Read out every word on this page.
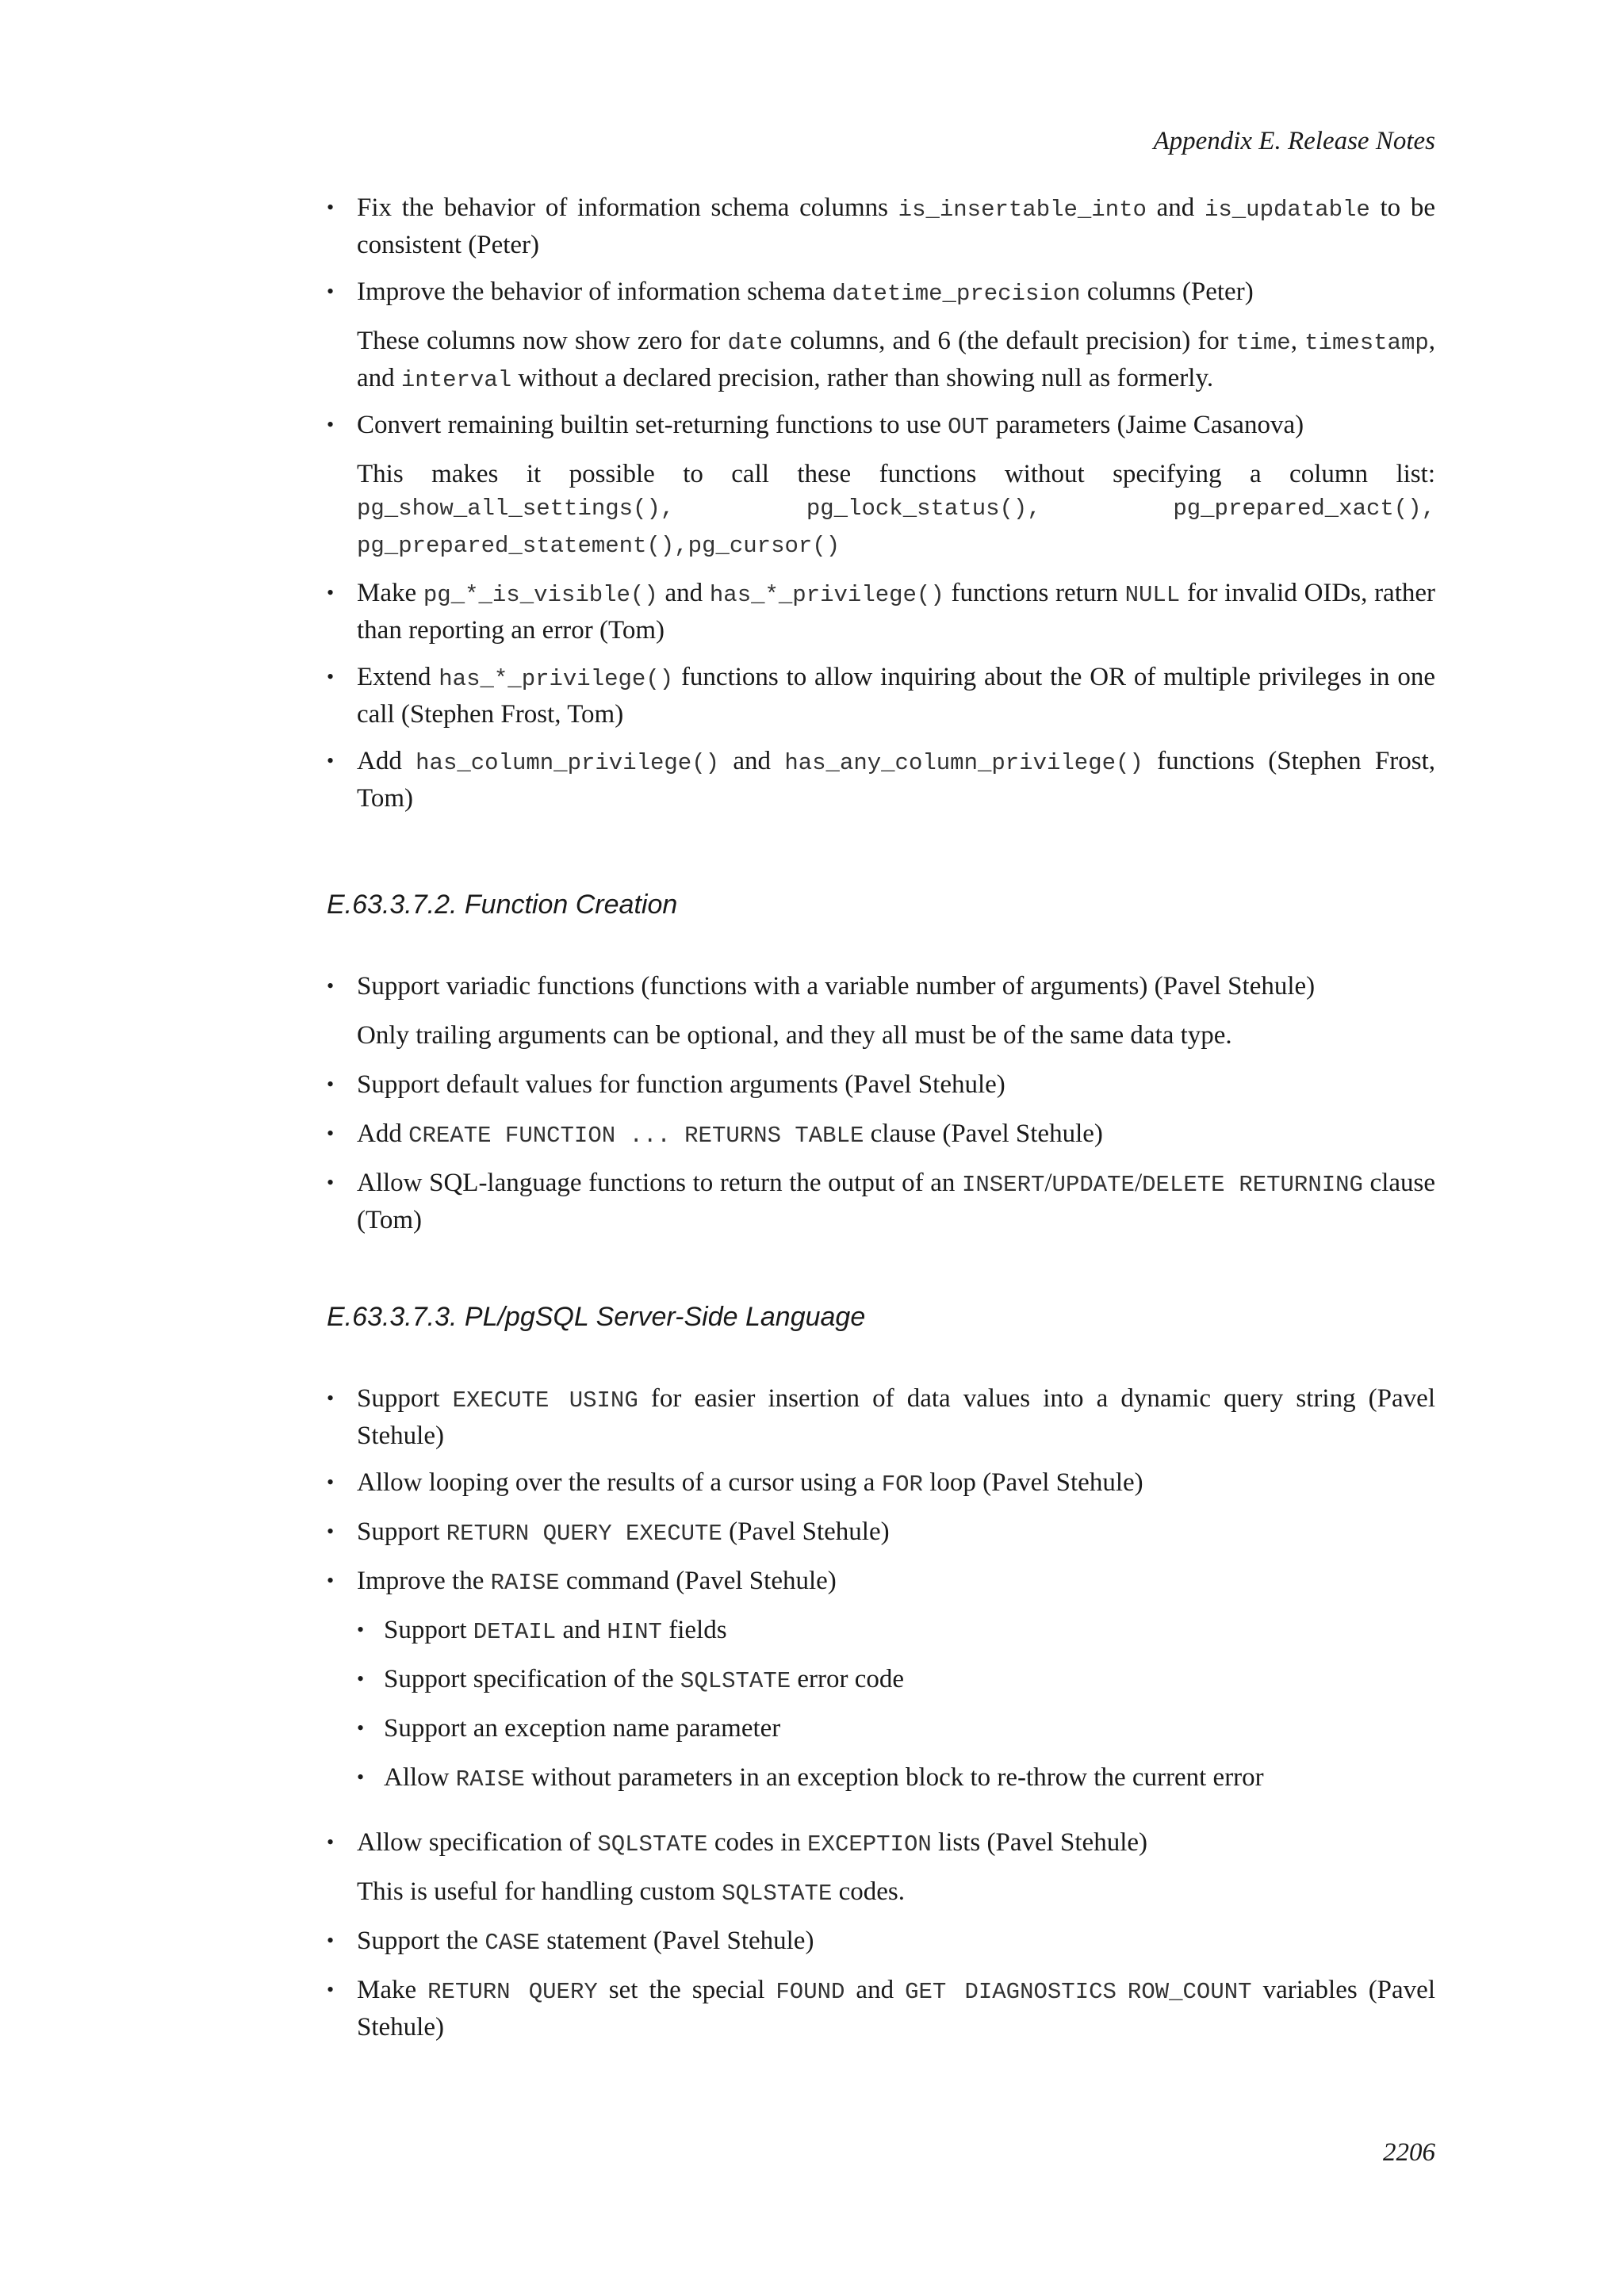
Appendix E. Release Notes
• Fix the behavior of information schema columns is_insertable_into and is_updatable to be consistent (Peter)
• Improve the behavior of information schema datetime_precision columns (Peter)
These columns now show zero for date columns, and 6 (the default precision) for time, timestamp, and interval without a declared precision, rather than showing null as formerly.
• Convert remaining builtin set-returning functions to use OUT parameters (Jaime Casanova)
This makes it possible to call these functions without specifying a column list:
pg_show_all_settings(),	pg_lock_status(),	pg_prepared_xact(),
pg_prepared_statement(),pg_cursor()
• Make pg_*_is_visible() and has_*_privilege() functions return NULL for invalid OIDs, rather than reporting an error (Tom)
• Extend has_*_privilege() functions to allow inquiring about the OR of multiple privileges in one call (Stephen Frost, Tom)
• Add has_column_privilege() and has_any_column_privilege() functions (Stephen Frost, Tom)
E.63.3.7.2. Function Creation
• Support variadic functions (functions with a variable number of arguments) (Pavel Stehule)
Only trailing arguments can be optional, and they all must be of the same data type.
• Support default values for function arguments (Pavel Stehule)
• Add CREATE FUNCTION ... RETURNS TABLE clause (Pavel Stehule)
• Allow SQL-language functions to return the output of an INSERT/UPDATE/DELETE RETURNING clause (Tom)
E.63.3.7.3. PL/pgSQL Server-Side Language
• Support EXECUTE USING for easier insertion of data values into a dynamic query string (Pavel Stehule)
• Allow looping over the results of a cursor using a FOR loop (Pavel Stehule)
• Support RETURN QUERY EXECUTE (Pavel Stehule)
• Improve the RAISE command (Pavel Stehule)
• Support DETAIL and HINT fields
• Support specification of the SQLSTATE error code
• Support an exception name parameter
• Allow RAISE without parameters in an exception block to re-throw the current error
• Allow specification of SQLSTATE codes in EXCEPTION lists (Pavel Stehule)
This is useful for handling custom SQLSTATE codes.
• Support the CASE statement (Pavel Stehule)
• Make RETURN QUERY set the special FOUND and GET DIAGNOSTICS ROW_COUNT variables (Pavel Stehule)
2206
